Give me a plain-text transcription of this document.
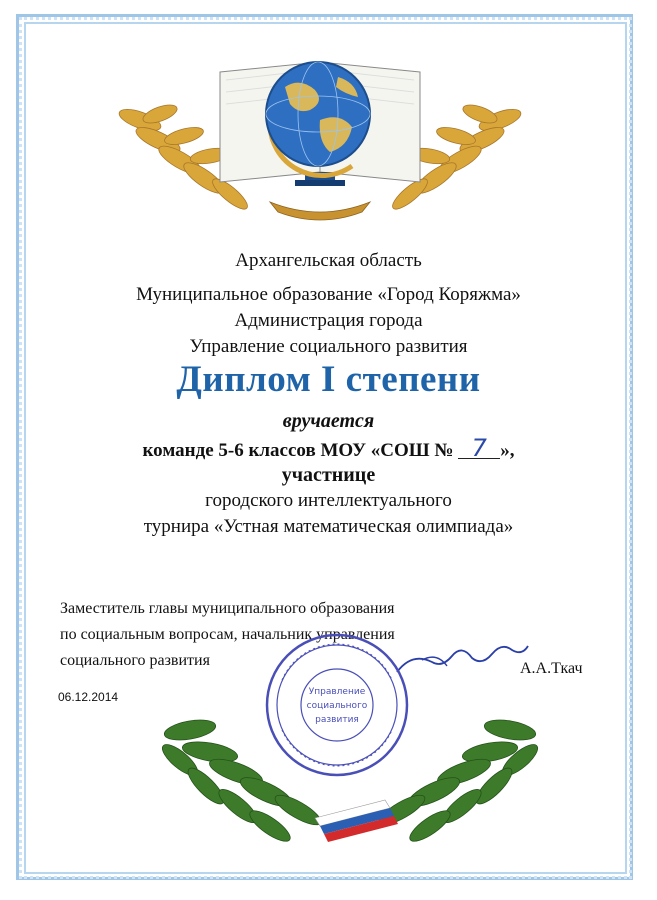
Архангельская область
Муниципальное образование «Город Коряжма»
Администрация города
Управление социального развития
Диплом I степени
вручается
команде 5-6 классов МОУ «СОШ № 7 »,
участнице
городского интеллектуального
турнира «Устная математическая олимпиада»
Заместитель главы муниципального образования
по социальным вопросам, начальник управления
социального развития	А.А.Ткач
06.12.2014	Управление
социального
развития
